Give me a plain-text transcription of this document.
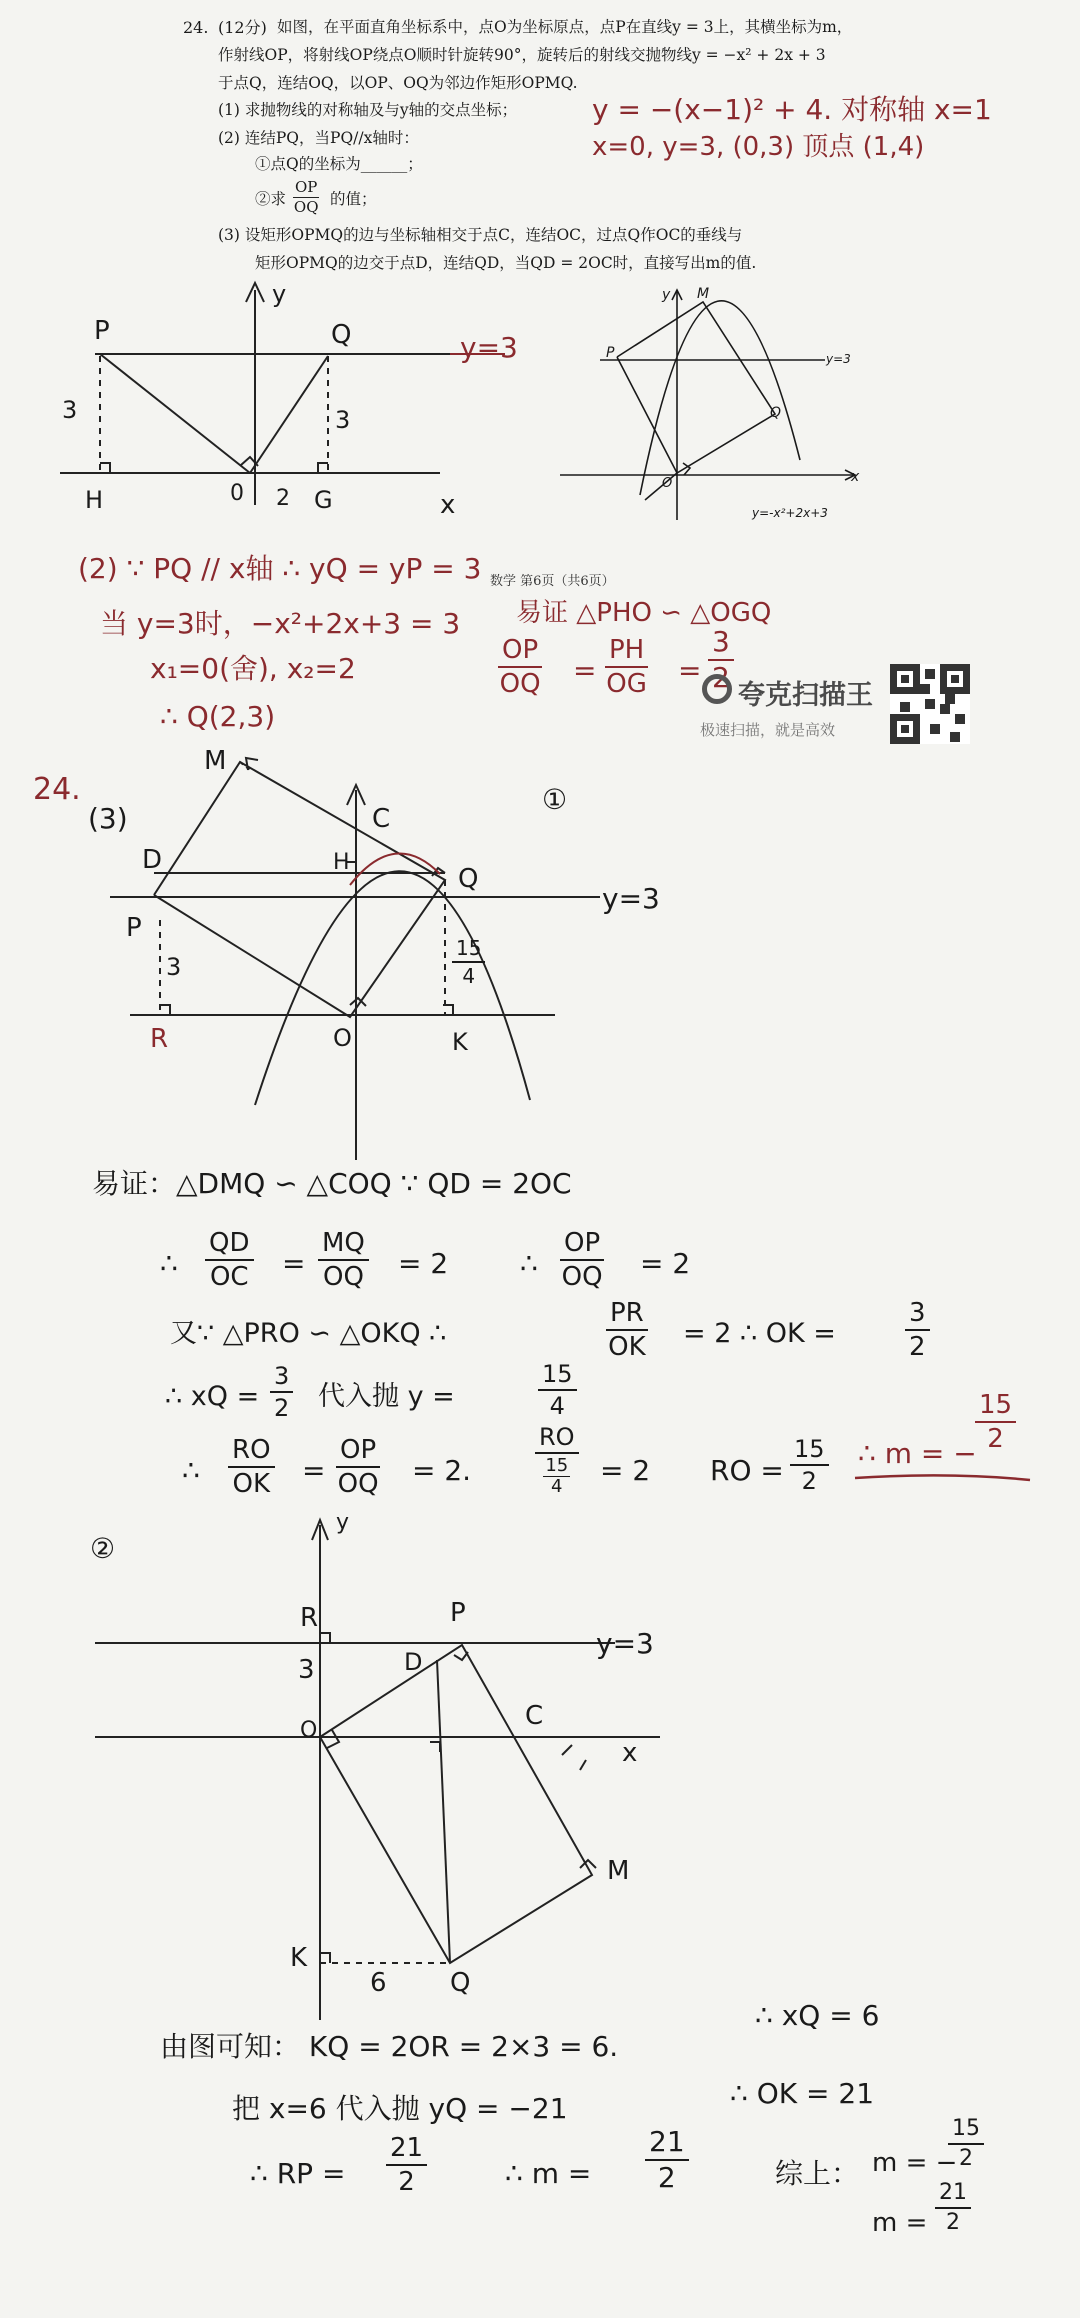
24. (12分) 如图，在平面直角坐标系中，点O为坐标原点，点P在直线y = 3上，其横坐标为m，
作射线OP，将射线OP绕点O顺时针旋转90°，旋转后的射线交抛物线y = −x² + 2x + 3
于点Q，连结OQ，以OP、OQ为邻边作矩形OPMQ.
(1) 求抛物线的对称轴及与y轴的交点坐标；
(2) 连结PQ，当PQ//x轴时：
①点Q的坐标为______；
②求 $\frac{OP}{OQ}$ 的值；
(3) 设矩形OPMQ的边与坐标轴相交于点C，连结OC，过点Q作OC的垂线与
矩形OPMQ的边交于点D，连结QD，当QD = 2OC时，直接写出m的值.
y = −(x−1)² + 4. 对称轴 x=1
x=0, y=3, (0,3) 顶点 (1,4)
P	Q	y=3
3	3
H	0 2 G	x
y	y M
P	y=3
Q
O	x
y=-x²+2x+3
(2) ∵ PQ // x轴 ∴ yQ = yP = 3 数学 第6页（共6页）
当 y=3时，−x²+2x+3 = 3
x₁=0(舍), x₂=2
∴ Q(2,3)
易证 △PHO ∽ △OGQ
$\frac{OP}{OQ} = \frac{PH}{OG} = \frac{3}{2}$
夸克扫描王
极速扫描，就是高效
24.
(3)
①
M
C
D	H
Q
y=3
P
3	$\frac{15}{4}$
R	O	K
易证：△DMQ ∽ △COQ ∵ QD = 2OC
∴ $\frac{QD}{OC} = \frac{MQ}{OQ} = 2$	∴ $\frac{OP}{OQ} = 2$
又∵ △PRO ∽ △OKQ ∴	$\frac{PR}{OK} = 2$ ∴ OK =	$\frac{3}{2}$
∴ xQ = $\frac{3}{2}$ 代入抛 y =	$\frac{15}{4}$
∴ $\frac{RO}{OK} = \frac{OP}{OQ} = 2$.
RO
$\frac{15}{4} = 2$ RO = $\frac{15}{2}$ ∴ m = −
$\frac{15}{2}$
②
y
R	P
y=3
3	D
C
O
x
M
K
6 Q
由图可知： KQ = 2OR = 2×3 = 6.
∴ xQ = 6
把 x=6 代入抛 yQ = −21	∴ OK = 21
∴ RP = $\frac{21}{2}$	∴ $m = \frac{21}{2}$	综上： m = −
$\frac{15}{2}$
$m = \frac{21}{2}$
